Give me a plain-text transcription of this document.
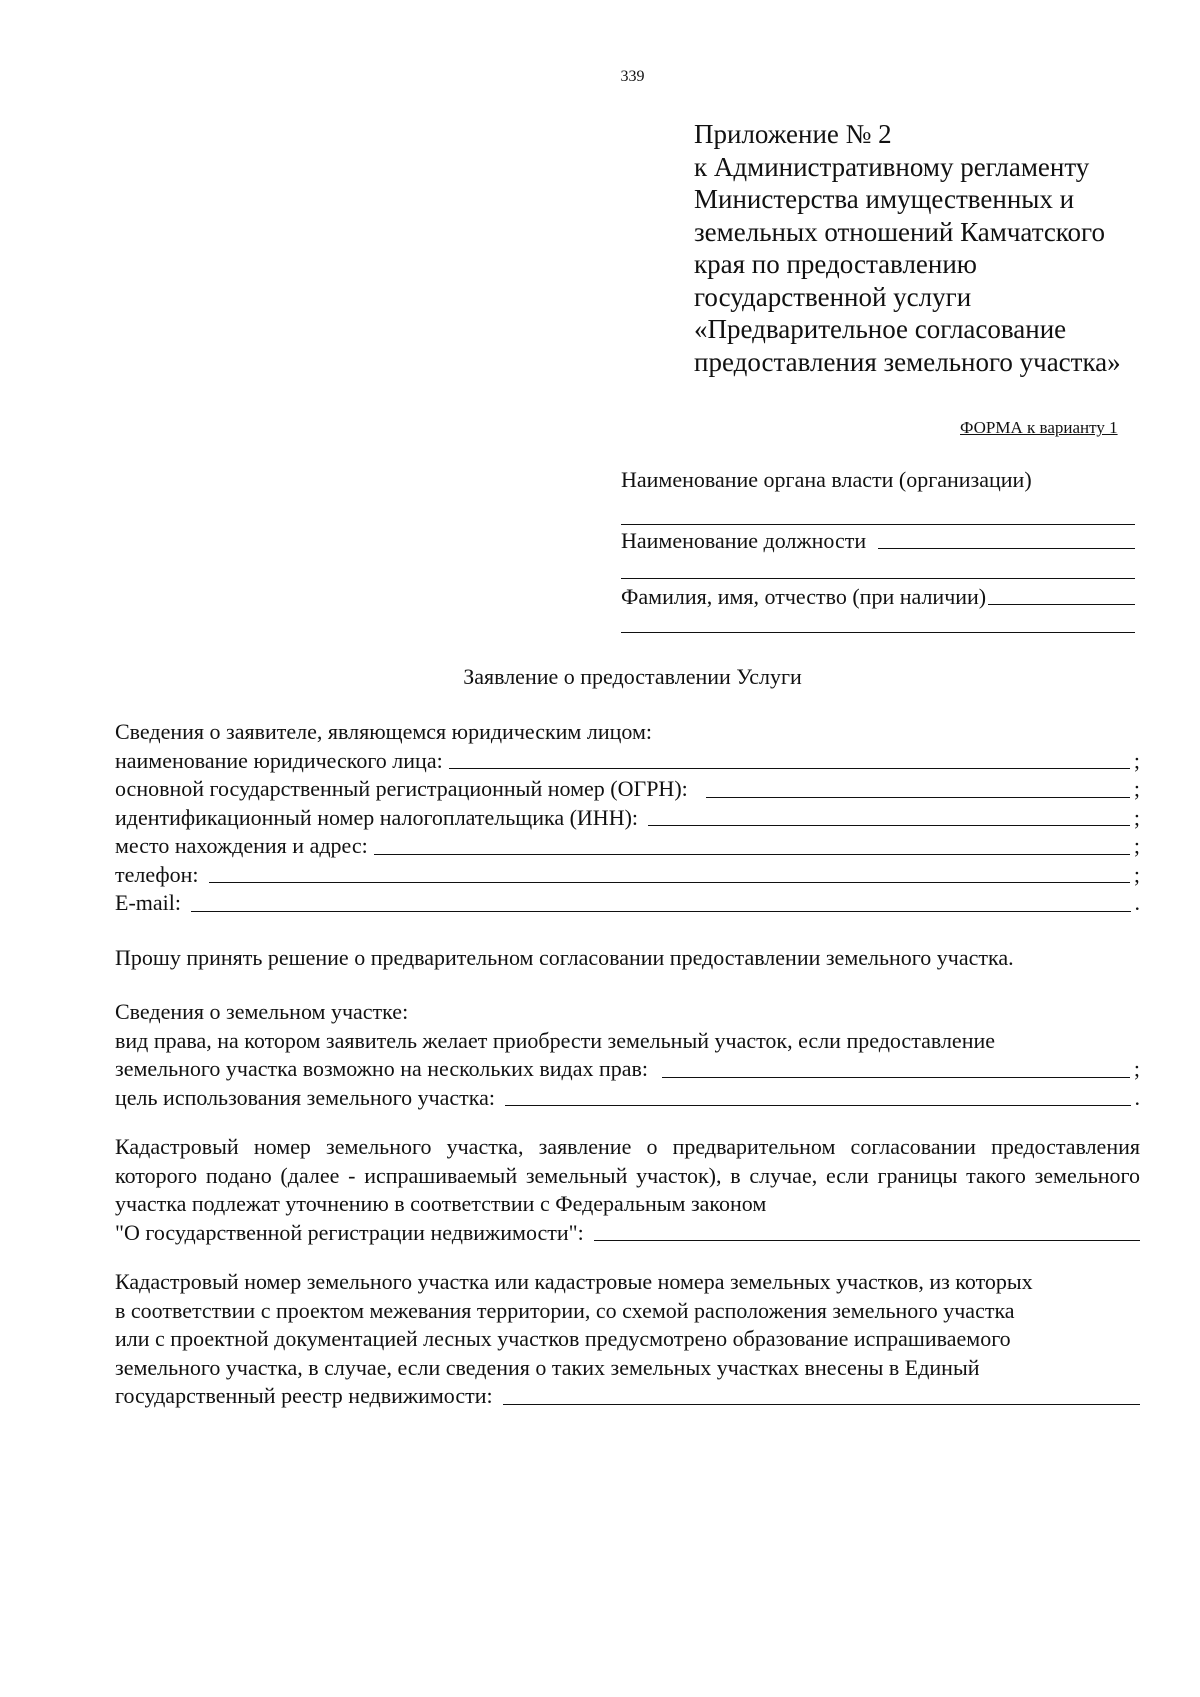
339
Приложение № 2
к Административному регламенту
Министерства имущественных и
земельных отношений Камчатского
края по предоставлению
государственной услуги
«Предварительное согласование
предоставления земельного участка»
ФОРМА к варианту 1
Наименование органа власти (организации)
Наименование должности
Фамилия, имя, отчество (при наличии)
Заявление о предоставлении Услуги
Сведения о заявителе, являющемся юридическим лицом:
наименование юридического лица:	;
основной государственный регистрационный номер (ОГРН):	;
идентификационный номер налогоплательщика (ИНН):	;
место нахождения и адрес:	;
телефон:	;
E-mail:	.
Прошу принять решение о предварительном согласовании предоставлении земельного участка.
Сведения о земельном участке:
вид права, на котором заявитель желает приобрести земельный участок, если предоставление
земельного участка возможно на нескольких видах прав:	;
цель использования земельного участка:	.
Кадастровый номер земельного участка, заявление о предварительном согласовании предоставления которого подано (далее - испрашиваемый земельный участок), в случае, если границы такого земельного участка подлежат уточнению в соответствии с Федеральным законом
"О государственной регистрации недвижимости":
Кадастровый номер земельного участка или кадастровые номера земельных участков, из которых
в соответствии с проектом межевания территории, со схемой расположения земельного участка
или с проектной документацией лесных участков предусмотрено образование испрашиваемого
земельного участка, в случае, если сведения о таких земельных участках внесены в Единый
государственный реестр недвижимости:
